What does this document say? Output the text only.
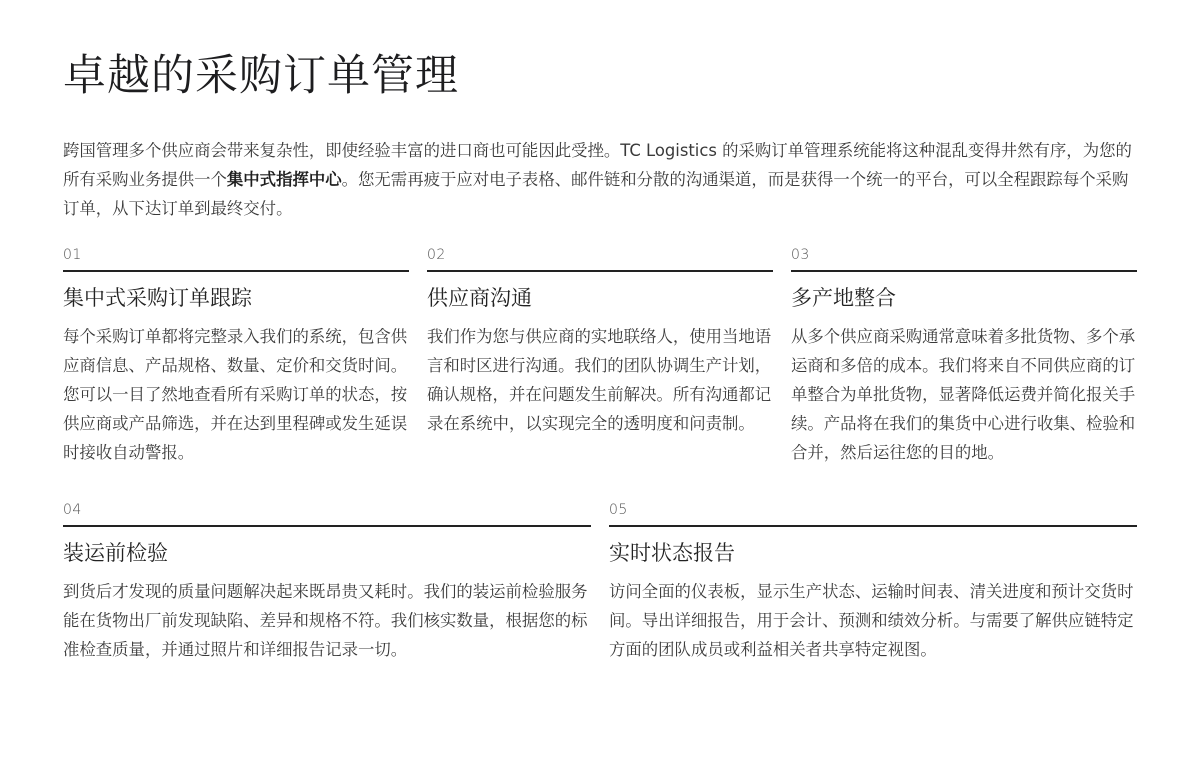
卓越的采购订单管理

跨国管理多个供应商会带来复杂性，即使经验丰富的进口商也可能因此受挫。TC Logistics 的采购订单管理系统能将这种混乱变得井然有序，为您的所有采购业务提供一个集中式指挥中心。您无需再疲于应对电子表格、邮件链和分散的沟通渠道，而是获得一个统一的平台，可以全程跟踪每个采购订单，从下达订单到最终交付。

01
集中式采购订单跟踪

每个采购订单都将完整录入我们的系统，包含供应商信息、产品规格、数量、定价和交货时间。您可以一目了然地查看所有采购订单的状态，按供应商或产品筛选，并在达到里程碑或发生延误时接收自动警报。

02
供应商沟通

我们作为您与供应商的实地联络人，使用当地语言和时区进行沟通。我们的团队协调生产计划，确认规格，并在问题发生前解决。所有沟通都记录在系统中，以实现完全的透明度和问责制。

03
多产地整合

从多个供应商采购通常意味着多批货物、多个承运商和多倍的成本。我们将来自不同供应商的订单整合为单批货物，显著降低运费并简化报关手续。产品将在我们的集货中心进行收集、检验和合并，然后运往您的目的地。

04
装运前检验

到货后才发现的质量问题解决起来既昂贵又耗时。我们的装运前检验服务能在货物出厂前发现缺陷、差异和规格不符。我们核实数量，根据您的标准检查质量，并通过照片和详细报告记录一切。

05
实时状态报告

访问全面的仪表板，显示生产状态、运输时间表、清关进度和预计交货时间。导出详细报告，用于会计、预测和绩效分析。与需要了解供应链特定方面的团队成员或利益相关者共享特定视图。
